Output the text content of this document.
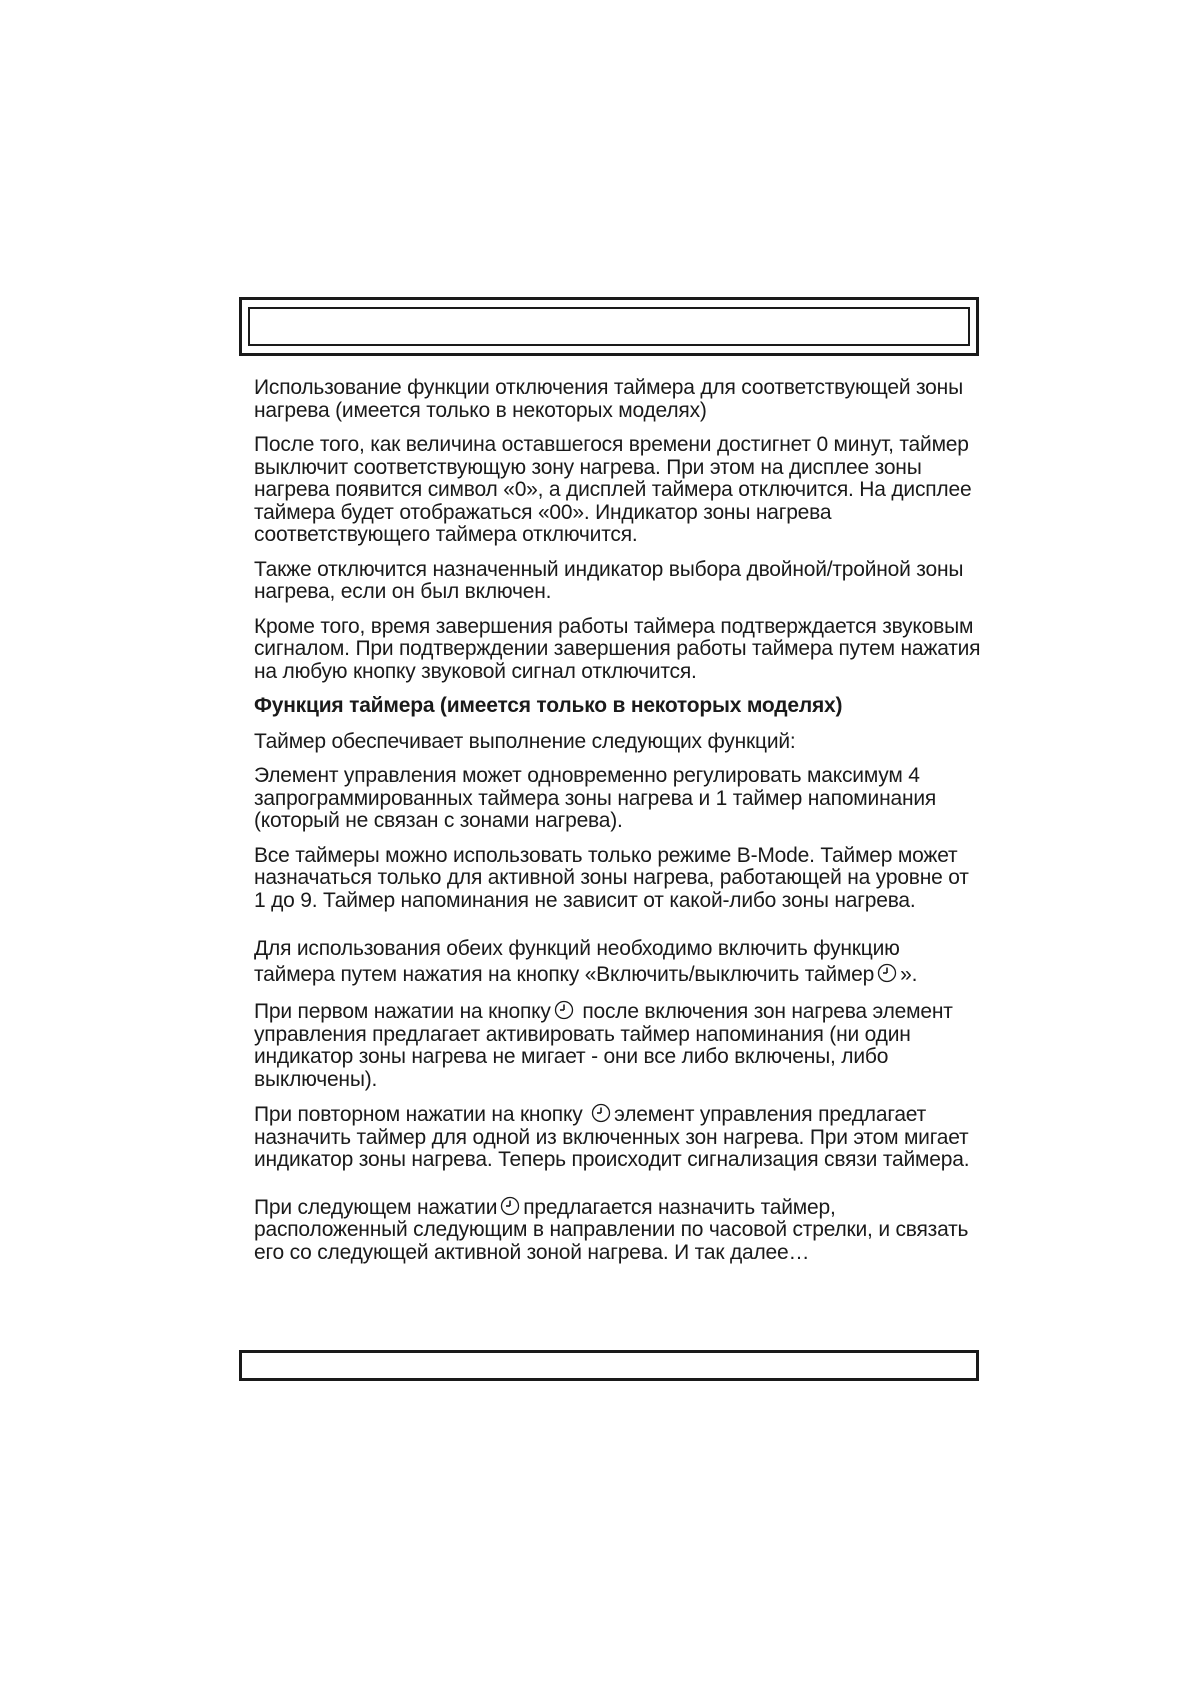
Использование функции отключения таймера для соответствующей зоны нагрева (имеется только в некоторых моделях)

После того, как величина оставшегося времени достигнет 0 минут, таймер выключит соответствующую зону нагрева. При этом на дисплее зоны нагрева появится символ «0», а дисплей таймера отключится. На дисплее таймера будет отображаться «00». Индикатор зоны нагрева соответствующего таймера отключится.

Также отключится назначенный индикатор выбора двойной/тройной зоны нагрева, если он был включен.

Кроме того, время завершения работы таймера подтверждается звуковым сигналом. При подтверждении завершения работы таймера путем нажатия на любую кнопку звуковой сигнал отключится.

Функция таймера (имеется только в некоторых моделях)

Таймер обеспечивает выполнение следующих функций:

Элемент управления может одновременно регулировать максимум 4 запрограммированных таймера зоны нагрева и 1 таймер напоминания (который не связан с зонами нагрева).

Все таймеры можно использовать только режиме B-Mode. Таймер может назначаться только для активной зоны нагрева, работающей на уровне от 1 до 9. Таймер напоминания не зависит от какой-либо зоны нагрева.

Для использования обеих функций необходимо включить функцию таймера путем нажатия на кнопку «Включить/выключить таймер ».

При первом нажатии на кнопку после включения зон нагрева элемент управления предлагает активировать таймер напоминания (ни один индикатор зоны нагрева не мигает - они все либо включены, либо выключены).

При повторном нажатии на кнопку элемент управления предлагает назначить таймер для одной из включенных зон нагрева. При этом мигает индикатор зоны нагрева. Теперь происходит сигнализация связи таймера.

При следующем нажатии предлагается назначить таймер, расположенный следующим в направлении по часовой стрелки, и связать его со следующей активной зоной нагрева. И так далее…
